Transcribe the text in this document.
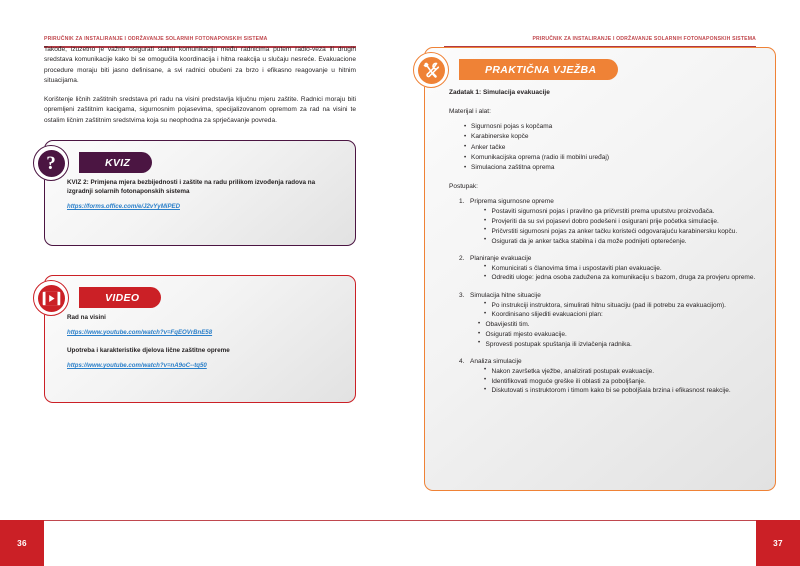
PRIRUČNIK ZA INSTALIRANJE I ODRŽAVANJE SOLARNIH FOTONAPONSKIH SISTEMA

Takođe, izuzetno je važno osigurati stalnu komunikaciju među radnicima putem radio-veza ili drugih sredstava komunikacije kako bi se omogućila koordinacija i hitna reakcija u slučaju nesreće. Evakuacione procedure moraju biti jasno definisane, a svi radnici obučeni za brzo i efikasno reagovanje u hitnim situacijama.

Korištenje ličnih zaštitnih sredstava pri radu na visini predstavlja ključnu mjeru zaštite. Radnici moraju biti opremljeni zaštitnim kacigama, sigurnosnim pojasevima, specijalizovanom opremom za rad na visini te ostalim ličnim zaštitnim sredstvima koja su neophodna za sprječavanje povreda.

?	KVIZ

KVIZ 2: Primjena mjera bezbijednosti i zaštite na radu prilikom izvođenja radova na izgradnji solarnih fotonaponskih sistema

https://forms.office.com/e/J2vYyMiPED
VIDEO

Rad na visini

https://www.youtube.com/watch?v=FqEOVrBnE58

Upotreba i karakteristike djelova lične zaštitne opreme

https://www.youtube.com/watch?v=nA9oC--tq50
36
PRIRUČNIK ZA INSTALIRANJE I ODRŽAVANJE SOLARNIH FOTONAPONSKIH SISTEMA
PRAKTIČNA VJEŽBA

Zadatak 1: Simulacija evakuacije

Materijal i alat:

• Sigurnosni pojas s kopčama
• Karabinerske kopče
• Anker tačke
• Komunikacijska oprema (radio ili mobilni uređaj)
• Simulaciona zaštitna oprema

Postupak:

1. Priprema sigurnosne opreme
• Postaviti sigurnosni pojas i pravilno ga pričvrstiti prema uputstvu proizvođača.
• Provjeriti da su svi pojasevi dobro podešeni i osigurani prije početka simulacije.
• Pričvrstiti sigurnosni pojas za anker tačku koristeći odgovarajuću karabinersku kopču.
• Osigurati da je anker tačka stabilna i da može podnijeti opterećenje.
2. Planiranje evakuacije
• Komunicirati s članovima tima i uspostaviti plan evakuacije.
• Odrediti uloge: jedna osoba zadužena za komunikaciju s bazom, druga za provjeru opreme.
3. Simulacija hitne situacije
• Po instrukciji instruktora, simulirati hitnu situaciju (pad ili potrebu za evakuacijom).
• Koordinisano slijediti evakuacioni plan:
• Obavijestiti tim.
• Osigurati mjesto evakuacije.
• Sprovesti postupak spuštanja ili izvlačenja radnika.
4. Analiza simulacije
• Nakon završetka vježbe, analizirati postupak evakuacije.
• Identifikovati moguće greške ili oblasti za poboljšanje.
• Diskutovati s instruktorom i timom kako bi se poboljšala brzina i efikasnost reakcije.
37
